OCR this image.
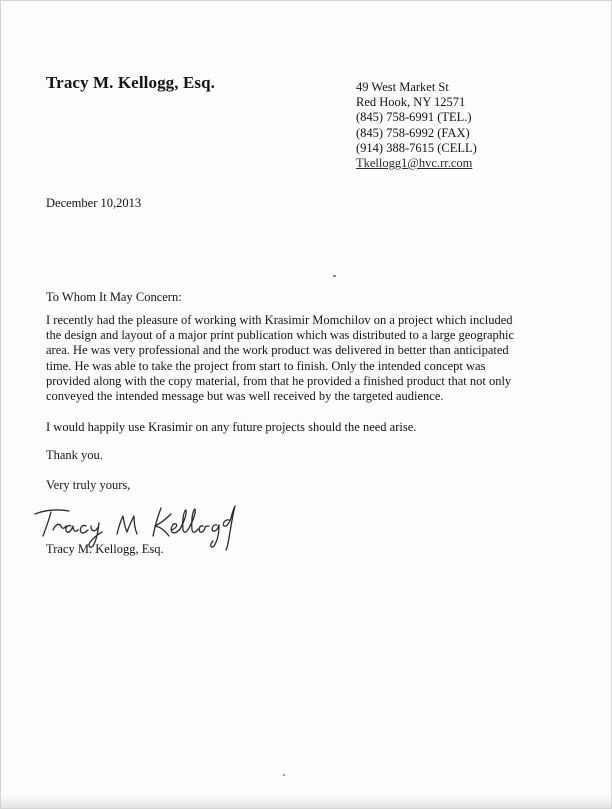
Tracy M. Kellogg, Esq.	49 West Market St
Red Hook, NY 12571
(845) 758-6991 (TEL.)
(845) 758-6992 (FAX)
(914) 388-7615 (CELL)
Tkellogg1@hvc.rr.com
December 10,2013
To Whom It May Concern:
I recently had the pleasure of working with Krasimir Momchilov on a project which included
the design and layout of a major print publication which was distributed to a large geographic
area. He was very professional and the work product was delivered in better than anticipated
time. He was able to take the project from start to finish. Only the intended concept was
provided along with the copy material, from that he provided a finished product that not only
conveyed the intended message but was well received by the targeted audience.
I would happily use Krasimir on any future projects should the need arise.
Thank you.
Very truly yours,
Tracy M. Kellogg, Esq.
